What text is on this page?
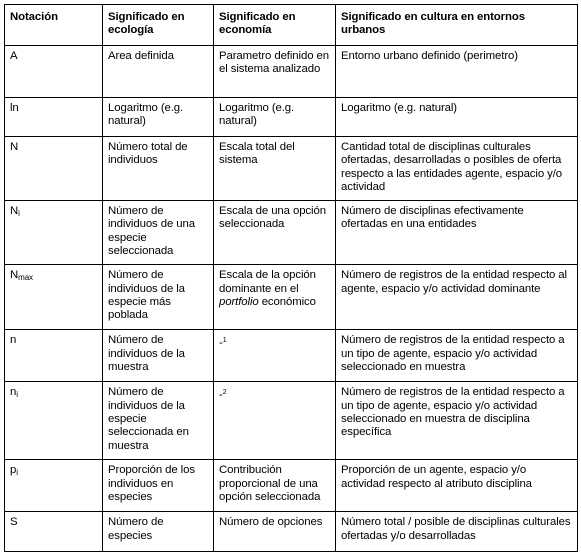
Notación	Significado en ecología	Significado en economía	Significado en cultura en entornos urbanos
A	Area definida	Parametro definido en el sistema analizado	Entorno urbano definido (perimetro)
ln	Logaritmo (e.g. natural)	Logaritmo (e.g. natural)	Logaritmo (e.g. natural)
N	Número total de individuos	Escala total del sistema	Cantidad total de disciplinas culturales ofertadas, desarrolladas o posibles de oferta respecto a las entidades agente, espacio y/o actividad
$N_i$	Número de individuos de una especie seleccionada	Escala de una opción seleccionada	Número de disciplinas efectivamente ofertadas en una entidades
$N_{max}$	Número de individuos de la especie más poblada	Escala de la opción dominante en el portfolio económico	Número de registros de la entidad respecto al agente, espacio y/o actividad dominante
n	Número de individuos de la muestra	-$^1$	Número de registros de la entidad respecto a un tipo de agente, espacio y/o actividad seleccionado en muestra
$n_i$	Número de individuos de la especie seleccionada en muestra	-$^2$	Número de registros de la entidad respecto a un tipo de agente, espacio y/o actividad seleccionado en muestra de disciplina específica
$p_i$	Proporción de los individuos en especies	Contribución proporcional de una opción seleccionada	Proporción de un agente, espacio y/o actividad respecto al atributo disciplina
S	Número de especies	Número de opciones	Número total / posible de disciplinas culturales ofertadas y/o desarrolladas
